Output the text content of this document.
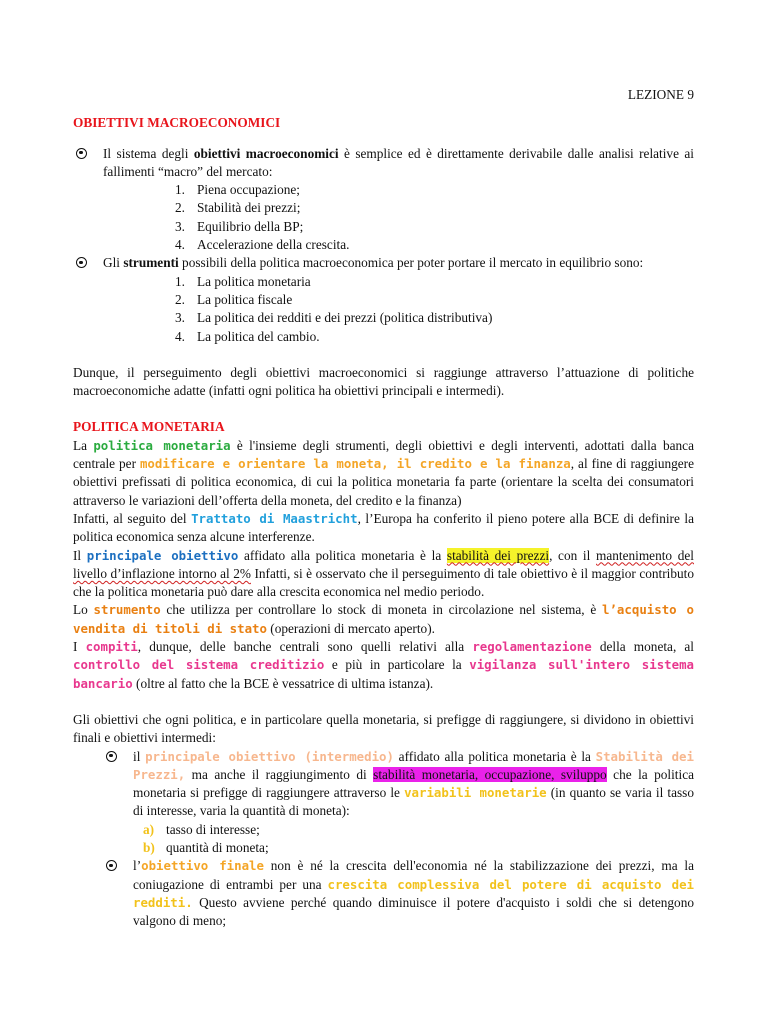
LEZIONE 9

OBIETTIVI MACROECONOMICI

Il sistema degli obiettivi macroeconomici è semplice ed è direttamente derivabile dalle analisi relative ai fallimenti “macro” del mercato:
1. Piena occupazione;
2. Stabilità dei prezzi;
3. Equilibrio della BP;
4. Accelerazione della crescita.
Gli strumenti possibili della politica macroeconomica per poter portare il mercato in equilibrio sono:
1. La politica monetaria
2. La politica fiscale
3. La politica dei redditi e dei prezzi (politica distributiva)
4. La politica del cambio.

Dunque, il perseguimento degli obiettivi macroeconomici si raggiunge attraverso l’attuazione di politiche macroeconomiche adatte (infatti ogni politica ha obiettivi principali e intermedi).

POLITICA MONETARIA

La politica monetaria è l'insieme degli strumenti, degli obiettivi e degli interventi, adottati dalla banca centrale per modificare e orientare la moneta, il credito e la finanza, al fine di raggiungere obiettivi prefissati di politica economica, di cui la politica monetaria fa parte (orientare la scelta dei consumatori attraverso le variazioni dell’offerta della moneta, del credito e la finanza)

Infatti, al seguito del Trattato di Maastricht, l’Europa ha conferito il pieno potere alla BCE di definire la politica economica senza alcune interferenze.

Il principale obiettivo affidato alla politica monetaria è la stabilità dei prezzi, con il mantenimento del livello d’inflazione intorno al 2% Infatti, si è osservato che il perseguimento di tale obiettivo è il maggior contributo che la politica monetaria può dare alla crescita economica nel medio periodo.

Lo strumento che utilizza per controllare lo stock di moneta in circolazione nel sistema, è l’acquisto o vendita di titoli di stato (operazioni di mercato aperto).

I compiti, dunque, delle banche centrali sono quelli relativi alla regolamentazione della moneta, al controllo del sistema creditizio e più in particolare la vigilanza sull'intero sistema bancario (oltre al fatto che la BCE è vessatrice di ultima istanza).

Gli obiettivi che ogni politica, e in particolare quella monetaria, si prefigge di raggiungere, si dividono in obiettivi finali e obiettivi intermedi:

il principale obiettivo (intermedio) affidato alla politica monetaria è la Stabilità dei Prezzi, ma anche il raggiungimento di stabilità monetaria, occupazione, sviluppo che la politica monetaria si prefigge di raggiungere attraverso le variabili monetarie (in quanto se varia il tasso di interesse, varia la quantità di moneta):
a) tasso di interesse;
b) quantità di moneta;
l’obiettivo finale non è né la crescita dell'economia né la stabilizzazione dei prezzi, ma la coniugazione di entrambi per una crescita complessiva del potere di acquisto dei redditi. Questo avviene perché quando diminuisce il potere d'acquisto i soldi che si detengono valgono di meno;
